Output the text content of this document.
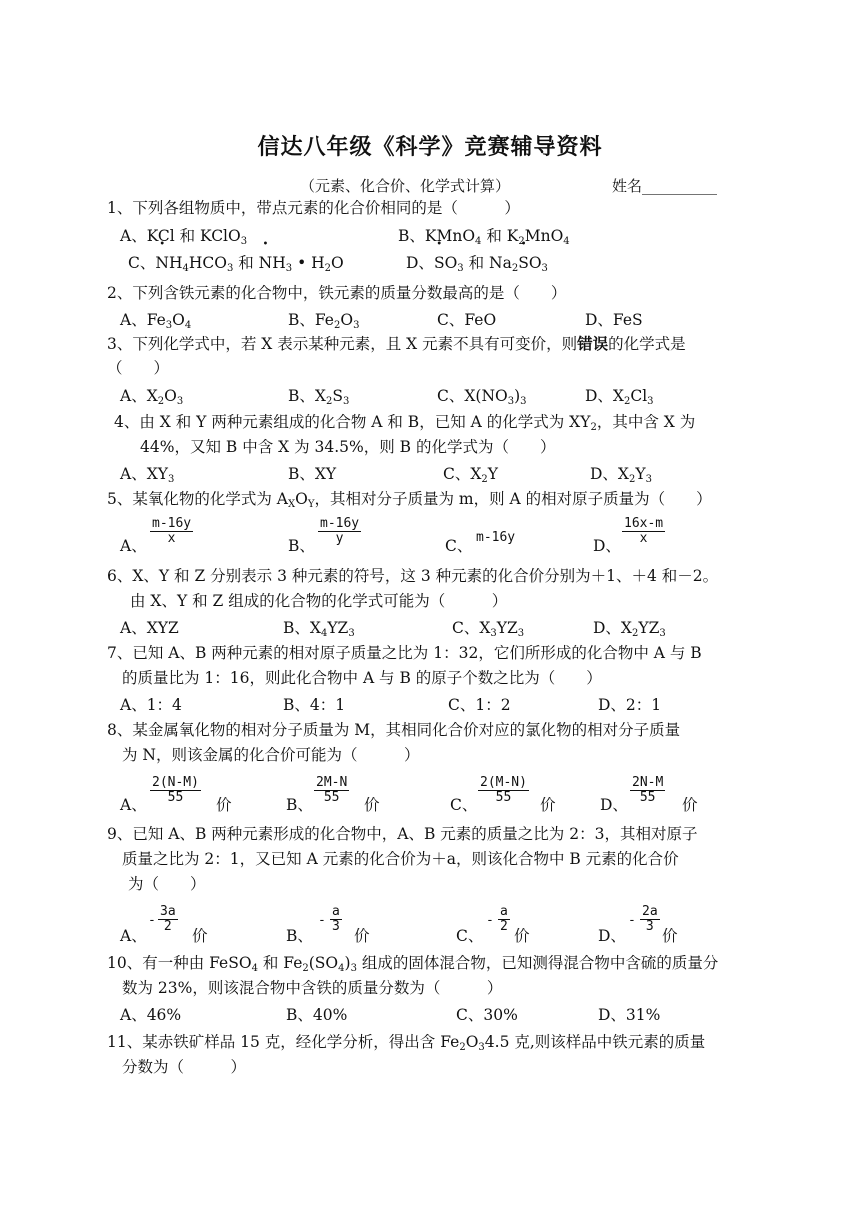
信达八年级《科学》竞赛辅导资料
（元素、化合价、化学式计算）	姓名__________
1、下列各组物质中，带点元素的化合价相同的是（　　　）
A、KCl 和 KClO$_3$	B、KMnO$_4$ 和 $K_2MnO_4$
C、• $NH_4HCO_3$ 和 • $NH_3$ • $H_2O$	D、• $SO_3$ 和 $Na_2•$ $SO_3$
2、下列含铁元素的化合物中，铁元素的质量分数最高的是（　　）
A、$Fe_3O_4$	B、$Fe_2O_3$	C、FeO	D、FeS
3、下列化学式中，若 X 表示某种元素，且 X 元素不具有可变价，则错误的化学式是
（　　）
A、$X_2O_3$	B、$X_2S_3$	C、$X(NO_3)_3$	D、$X_2Cl_3$
4、由 X 和 Y 两种元素组成的化合物 A 和 B，已知 A 的化学式为 $XY_2$，其中含 X 为
44%，又知 B 中含 X 为 34.5%，则 B 的化学式为（　　）
A、$XY_3$	B、XY	C、$X_2Y$	D、$X_2Y_3$
5、某氧化物的化学式为 $A_XO_Y$，其相对分子质量为 m，则 A 的相对原子质量为（　　）
A、 $\frac{m-16y}{x}$	B、 $\frac{m-16y}{y}$	C、 m-16y	D、 $\frac{16x-m}{x}$
6、X、Y 和 Z 分别表示 3 种元素的符号，这 3 种元素的化合价分别为＋1、＋4 和－2。
由 X、Y 和 Z 组成的化合物的化学式可能为（　　　）
A、XYZ	B、$X_4YZ_3$	C、$X_3YZ_3$	D、$X_2YZ_3$
7、已知 A、B 两种元素的相对原子质量之比为 1：32，它们所形成的化合物中 A 与 B
的质量比为 1：16，则此化合物中 A 与 B 的原子个数之比为（　　）
A、1：4	B、4：1	C、1：2	D、2：1
8、某金属氧化物的相对分子质量为 M，其相同化合价对应的氯化物的相对分子质量
为 N，则该金属的化合价可能为（　　　）
A、 $\frac{2(N-M)}{55}$ 价	B、 $\frac{2M-N}{55}$ 价	C、 $\frac{2(M-N)}{55}$ 价	D、 $\frac{2N-M}{55}$ 价
9、已知 A、B 两种元素形成的化合物中，A、B 元素的质量之比为 2：3，其相对原子
质量之比为 2：1，又已知 A 元素的化合价为＋a，则该化合物中 B 元素的化合价
为（　　）
A、
- $\frac{3a}{2}$
价	B、
- $\frac{a}{3}$
价	C、
- $\frac{a}{2}$
价	D、
- $\frac{2a}{3}$
价
10、有一种由 FeSO$_4$ 和 $Fe_2(SO_4)_3$ 组成的固体混合物，已知测得混合物中含硫的质量分
数为 23%，则该混合物中含铁的质量分数为（　　　）
A、46%	B、40%	C、30%	D、31%
11、某赤铁矿样品 15 克，经化学分析，得出含 $Fe_2O_34.5$ 克,则该样品中铁元素的质量
分数为（　　　）
